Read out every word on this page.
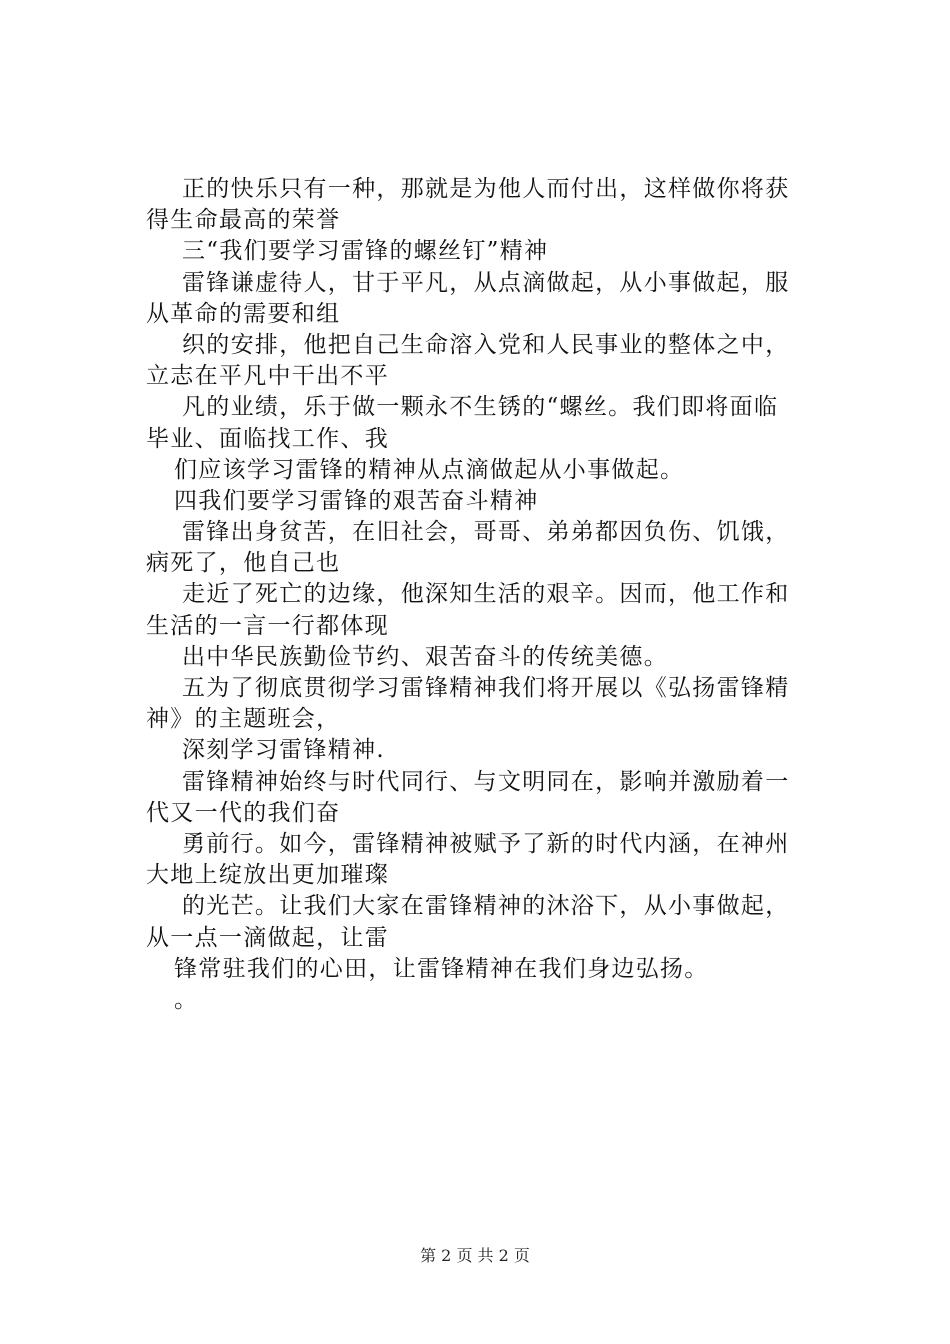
正的快乐只有一种，那就是为他人而付出，这样做你将获
得生命最高的荣誉
三“我们要学习雷锋的螺丝钉”精神
雷锋谦虚待人，甘于平凡，从点滴做起，从小事做起，服
从革命的需要和组
织的安排，他把自己生命溶入党和人民事业的整体之中，
立志在平凡中干出不平
凡的业绩，乐于做一颗永不生锈的“螺丝。我们即将面临
毕业、面临找工作、我
们应该学习雷锋的精神从点滴做起从小事做起。
四我们要学习雷锋的艰苦奋斗精神
雷锋出身贫苦，在旧社会，哥哥、弟弟都因负伤、饥饿，
病死了，他自己也
走近了死亡的边缘，他深知生活的艰辛。因而，他工作和
生活的一言一行都体现
出中华民族勤俭节约、艰苦奋斗的传统美德。
五为了彻底贯彻学习雷锋精神我们将开展以《弘扬雷锋精
神》的主题班会，
深刻学习雷锋精神.
雷锋精神始终与时代同行、与文明同在，影响并激励着一
代又一代的我们奋
勇前行。如今，雷锋精神被赋予了新的时代内涵，在神州
大地上绽放出更加璀璨
的光芒。让我们大家在雷锋精神的沐浴下，从小事做起，
从一点一滴做起，让雷
锋常驻我们的心田，让雷锋精神在我们身边弘扬。
。
第 2 页 共 2 页
